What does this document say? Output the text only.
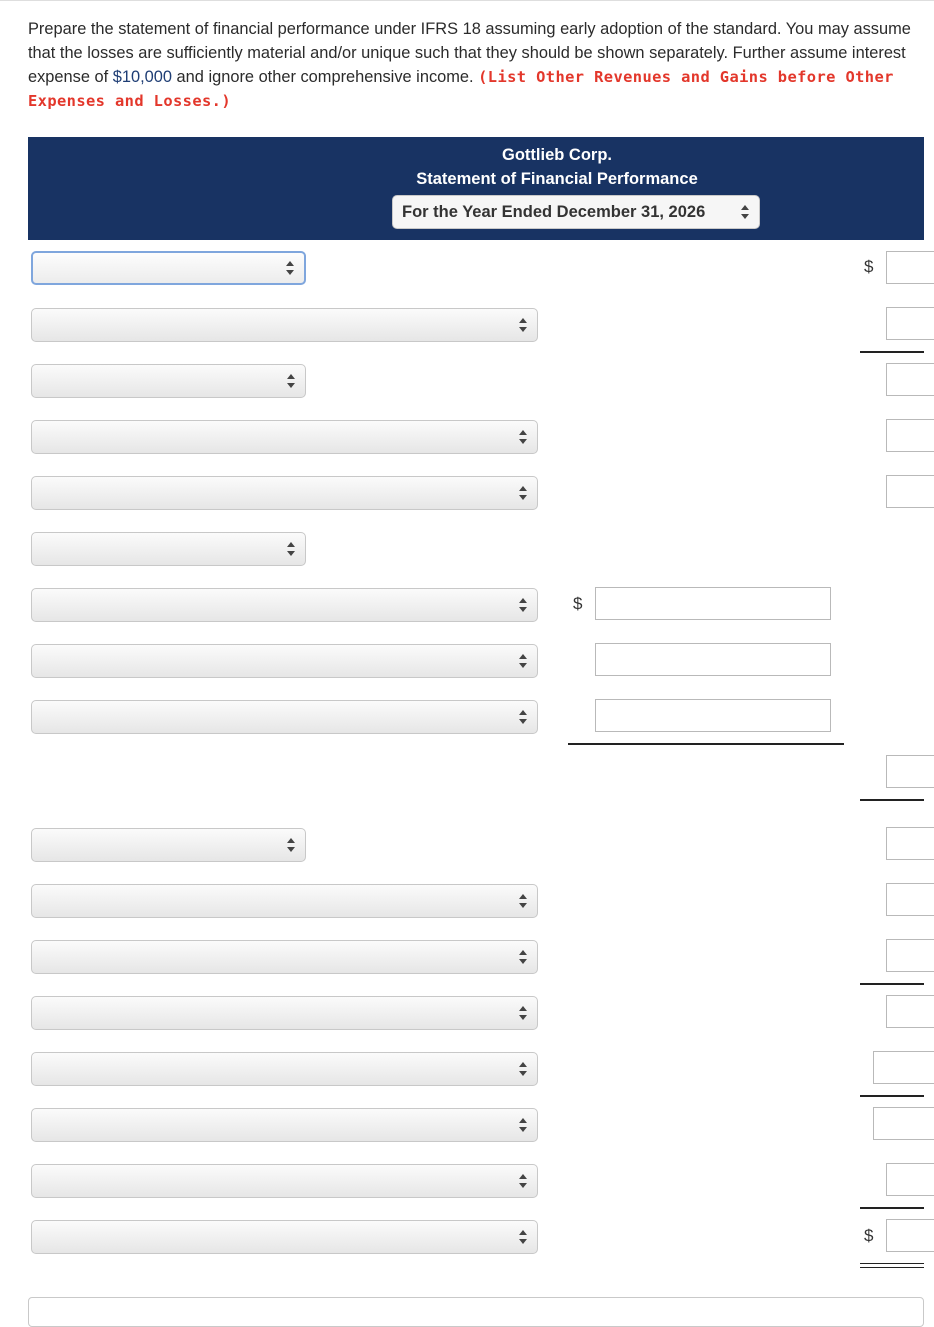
Prepare the statement of financial performance under IFRS 18 assuming early adoption of the standard. You may assume that the losses are sufficiently material and/or unique such that they should be shown separately. Further assume interest expense of $10,000 and ignore other comprehensive income. (List Other Revenues and Gains before Other Expenses and Losses.)

Gottlieb Corp.
Statement of Financial Performance
For the Year Ended December 31, 2026
$
$
$
